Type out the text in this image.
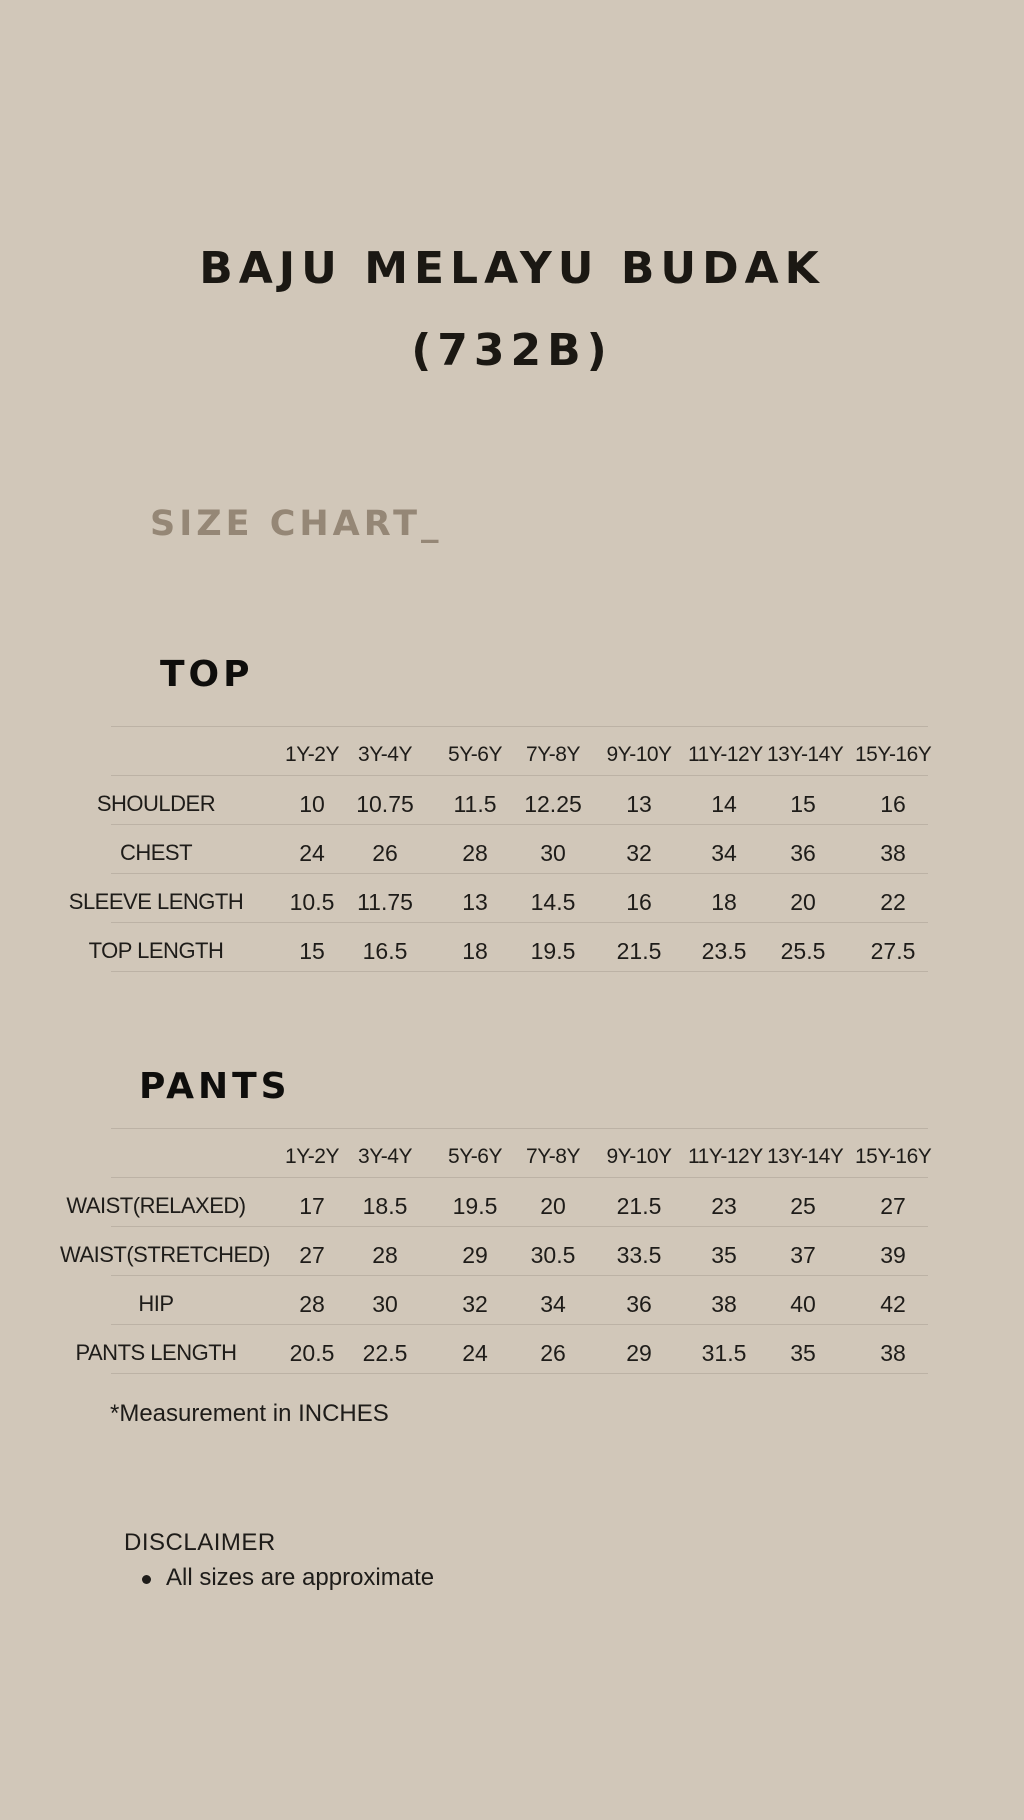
BAJU MELAYU BUDAK
(732B)
SIZE CHART_
TOP
1Y-2Y 3Y-4Y	5Y-6Y	7Y-8Y	9Y-10Y 11Y-12Y 13Y-14Y 15Y-16Y
SHOULDER	10	10.75	11.5	12.25	13	14	15	16
CHEST	24	26	28	30	32	34	36	38
SLEEVE LENGTH	10.5 11.75	13	14.5	16	18	20	22
TOP LENGTH	15	16.5	18	19.5	21.5	23.5	25.5	27.5
PANTS
1Y-2Y 3Y-4Y	5Y-6Y	7Y-8Y	9Y-10Y 11Y-12Y 13Y-14Y 15Y-16Y
WAIST(RELAXED)	17	18.5	19.5	20	21.5	23	25	27
WAIST(STRETCHED)	27	28	29	30.5	33.5	35	37	39
HIP	28	30	32	34	36	38	40	42
PANTS LENGTH	20.5	22.5	24	26	29	31.5	35	38
*Measurement in INCHES
DISCLAIMER
All sizes are approximate
